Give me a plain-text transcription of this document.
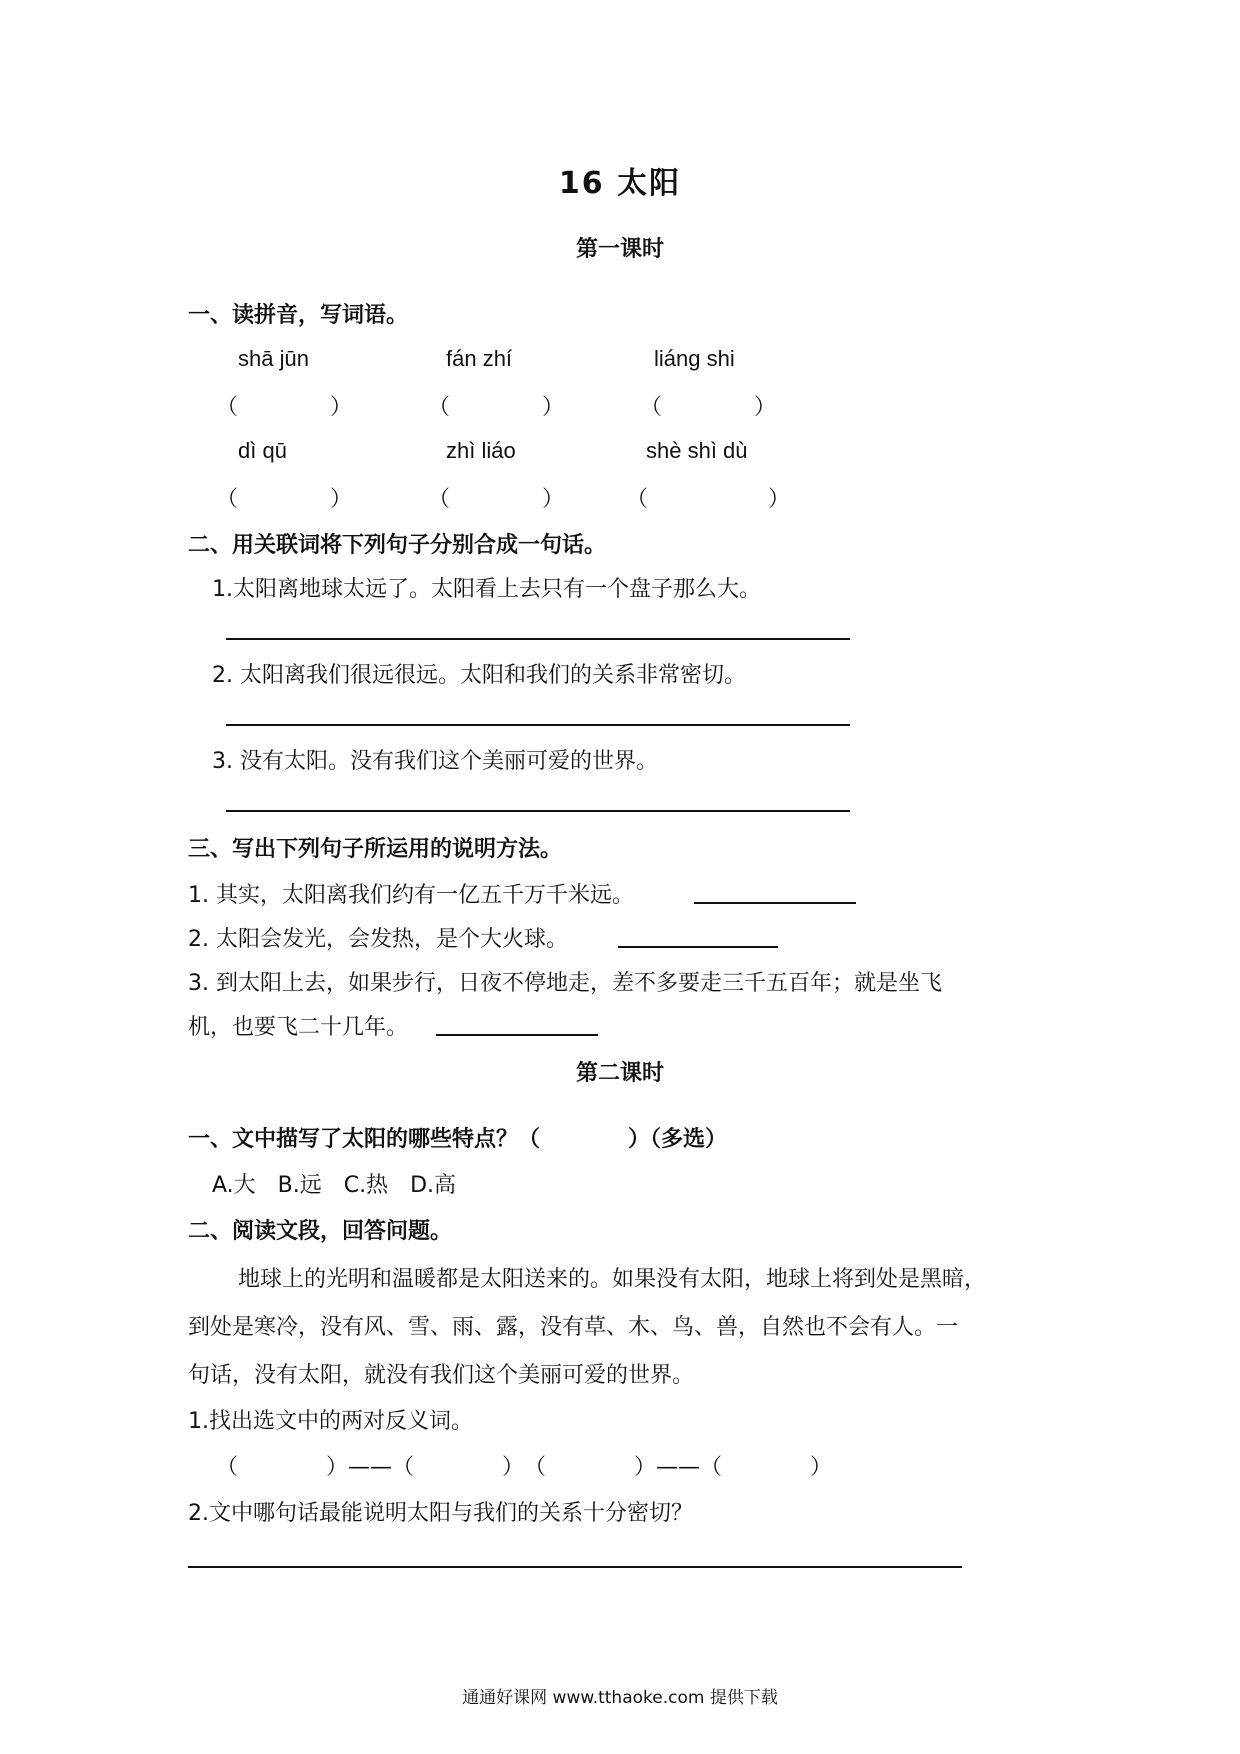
16 太阳
第一课时
一、读拼音，写词语。
shā jūn	fán zhí	liáng shi
（	）	（	）	（	）
dì qū	zhì liáo	shè shì dù
（	）	（	）	（	）
二、用关联词将下列句子分别合成一句话。
1.太阳离地球太远了。太阳看上去只有一个盘子那么大。
2. 太阳离我们很远很远。太阳和我们的关系非常密切。
3. 没有太阳。没有我们这个美丽可爱的世界。
三、写出下列句子所运用的说明方法。
1. 其实，太阳离我们约有一亿五千万千米远。
2. 太阳会发光，会发热，是个大火球。
3. 到太阳上去，如果步行，日夜不停地走，差不多要走三千五百年；就是坐飞
机，也要飞二十几年。
第二课时
一、文中描写了太阳的哪些特点？（　　　　）（多选）
A.大　B.远　C.热　D.高
二、阅读文段，回答问题。
地球上的光明和温暖都是太阳送来的。如果没有太阳，地球上将到处是黑暗，
到处是寒冷，没有风、雪、雨、露，没有草、木、鸟、兽，自然也不会有人。一
句话，没有太阳，就没有我们这个美丽可爱的世界。
1.找出选文中的两对反义词。
（　　　　）——（　　　　）　（　　　　）——（　　　　）
2.文中哪句话最能说明太阳与我们的关系十分密切？
通通好课网 www.tthaoke.com 提供下载
